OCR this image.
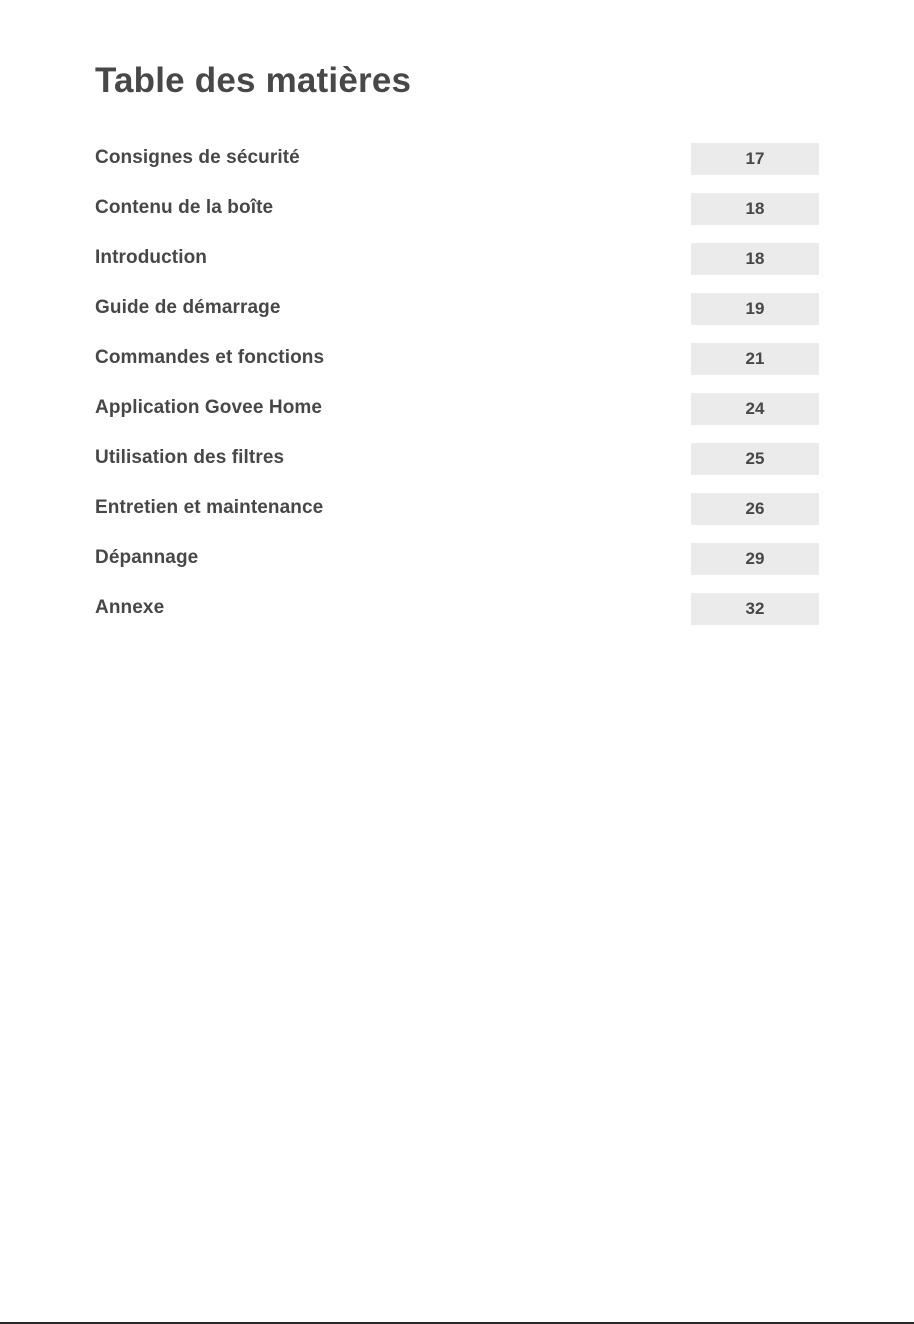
Table des matières
Consignes de sécurité	17
Contenu de la boîte	18
Introduction	18
Guide de démarrage	19
Commandes et fonctions	21
Application Govee Home	24
Utilisation des filtres	25
Entretien et maintenance	26
Dépannage	29
Annexe	32
